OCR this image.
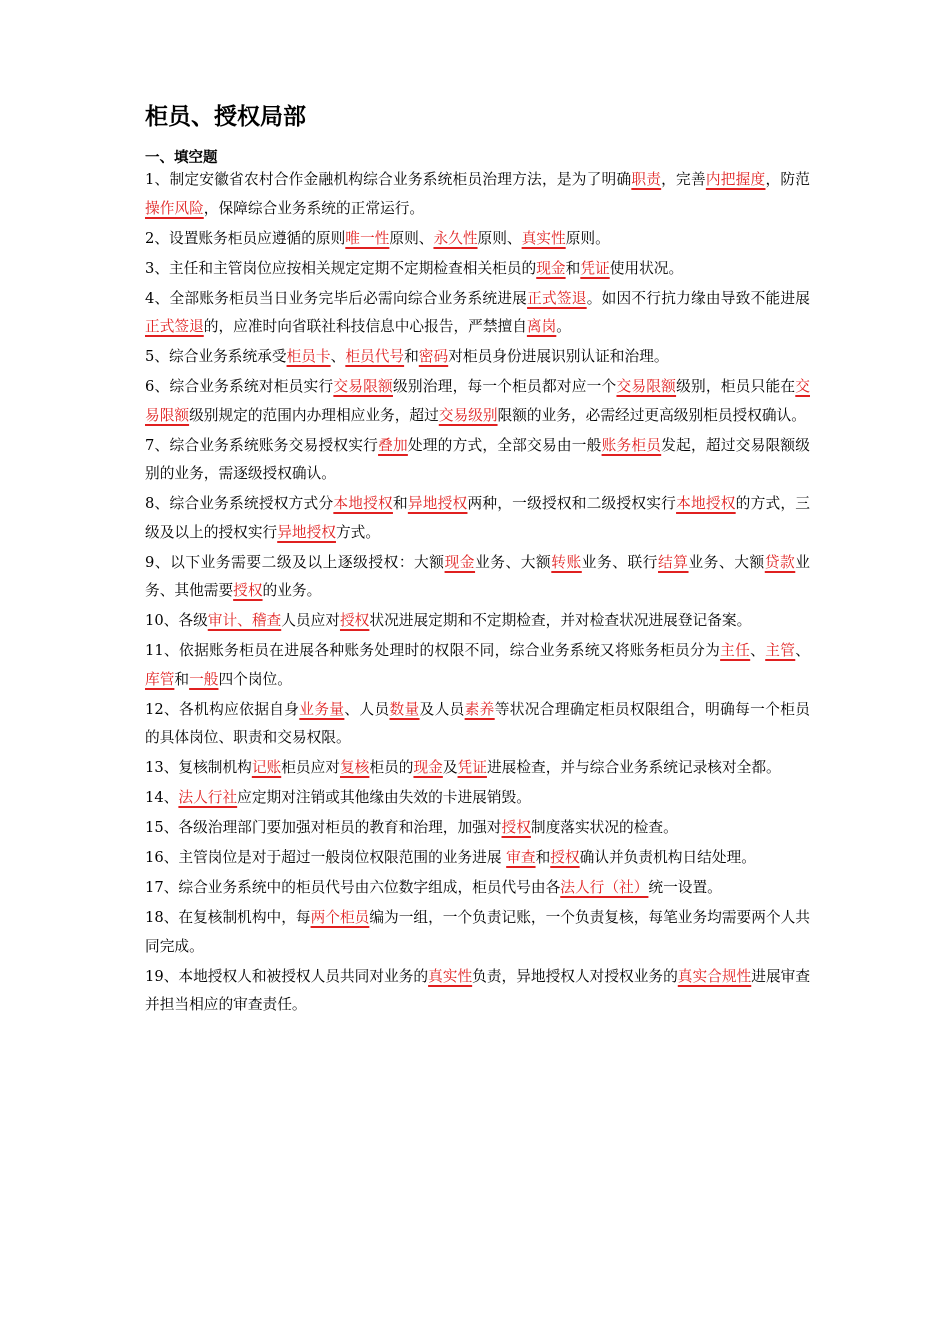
柜员、授权局部
一、填空题
1、制定安徽省农村合作金融机构综合业务系统柜员治理方法，是为了明确职责，完善内把握度，防范操作风险，保障综合业务系统的正常运行。
2、设置账务柜员应遵循的原则唯一性原则、永久性原则、真实性原则。
3、主任和主管岗位应按相关规定定期不定期检查相关柜员的现金和凭证使用状况。
4、全部账务柜员当日业务完毕后必需向综合业务系统进展正式签退。如因不行抗力缘由导致不能进展正式签退的，应准时向省联社科技信息中心报告，严禁擅自离岗。
5、综合业务系统承受柜员卡、柜员代号和密码对柜员身份进展识别认证和治理。
6、综合业务系统对柜员实行交易限额级别治理，每一个柜员都对应一个交易限额级别，柜员只能在交易限额级别规定的范围内办理相应业务，超过交易级别限额的业务，必需经过更高级别柜员授权确认。
7、综合业务系统账务交易授权实行叠加处理的方式，全部交易由一般账务柜员发起，超过交易限额级别的业务，需逐级授权确认。
8、综合业务系统授权方式分本地授权和异地授权两种，一级授权和二级授权实行本地授权的方式，三级及以上的授权实行异地授权方式。
9、以下业务需要二级及以上逐级授权：大额现金业务、大额转账业务、联行结算业务、大额贷款业务、其他需要授权的业务。
10、各级审计、稽查人员应对授权状况进展定期和不定期检查，并对检查状况进展登记备案。
11、依据账务柜员在进展各种账务处理时的权限不同，综合业务系统又将账务柜员分为主任、主管、库管和一般四个岗位。
12、各机构应依据自身业务量、人员数量及人员素养等状况合理确定柜员权限组合，明确每一个柜员的具体岗位、职责和交易权限。
13、复核制机构记账柜员应对复核柜员的现金及凭证进展检查，并与综合业务系统记录核对全都。
14、法人行社应定期对注销或其他缘由失效的卡进展销毁。
15、各级治理部门要加强对柜员的教育和治理，加强对授权制度落实状况的检查。
16、主管岗位是对于超过一般岗位权限范围的业务进展 审查和授权确认并负责机构日结处理。
17、综合业务系统中的柜员代号由六位数字组成，柜员代号由各法人行（社）统一设置。
18、在复核制机构中，每两个柜员编为一组，一个负责记账，一个负责复核，每笔业务均需要两个人共同完成。
19、本地授权人和被授权人员共同对业务的真实性负责，异地授权人对授权业务的真实合规性进展审查并担当相应的审查责任。
